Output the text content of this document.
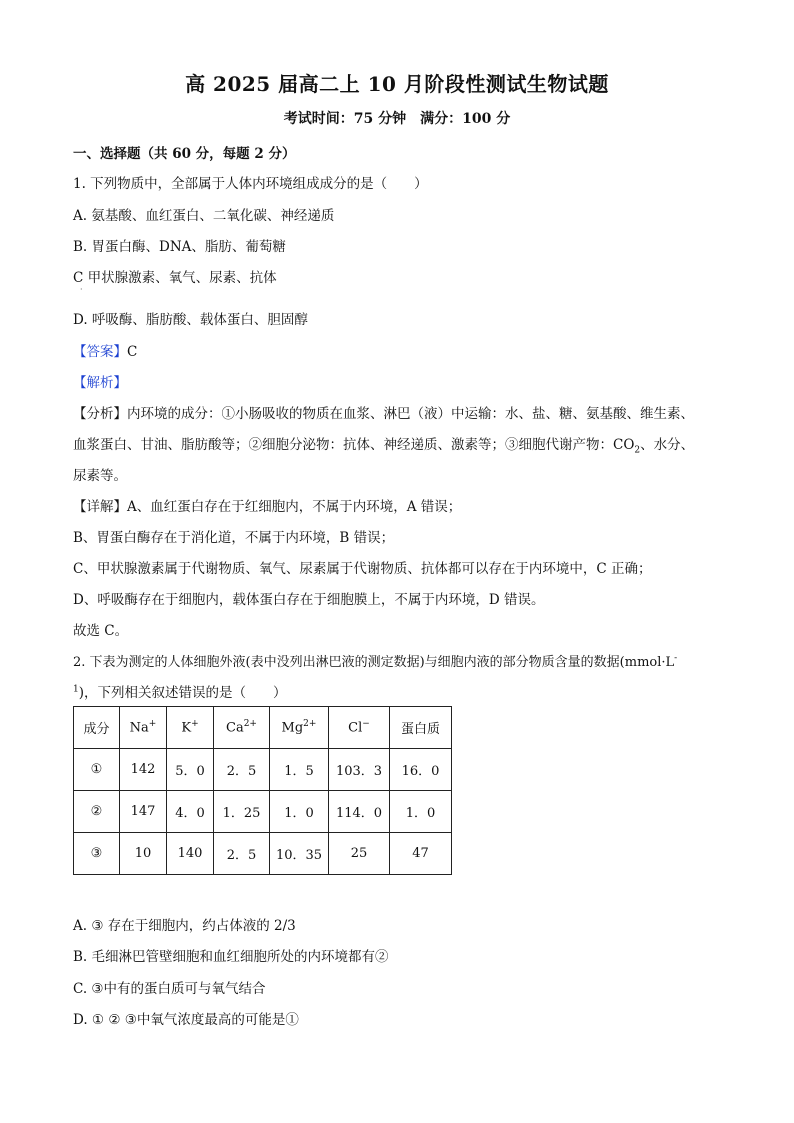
高 2025 届高二上 10 月阶段性测试生物试题
考试时间：75 分钟　满分：100 分
一、选择题（共 60 分，每题 2 分）
1. 下列物质中，全部属于人体内环境组成成分的是（　　）
A. 氨基酸、血红蛋白、二氧化碳、神经递质
B. 胃蛋白酶、DNA、脂肪、葡萄糖
C 甲状腺激素、氧气、尿素、抗体
·
D. 呼吸酶、脂肪酸、载体蛋白、胆固醇
【答案】C
【解析】
【分析】内环境的成分：①小肠吸收的物质在血浆、淋巴（液）中运输：水、盐、糖、氨基酸、维生素、
血浆蛋白、甘油、脂肪酸等；②细胞分泌物：抗体、神经递质、激素等；③细胞代谢产物：$CO_2$、水分、
尿素等。
【详解】A、血红蛋白存在于红细胞内，不属于内环境，A 错误；
B、胃蛋白酶存在于消化道，不属于内环境，B 错误；
C、甲状腺激素属于代谢物质、氧气、尿素属于代谢物质、抗体都可以存在于内环境中，C 正确；
D、呼吸酶存在于细胞内，载体蛋白存在于细胞膜上，不属于内环境，D 错误。
故选 C。
2. 下表为测定的人体细胞外液(表中没列出淋巴液的测定数据)与细胞内液的部分物质含量的数据(mmol·L-
$^1$)，下列相关叙述错误的是（　　）
成分	Na+	K+	$Ca^{2+}$	$Mg^{2+}$	Cl−	蛋白质
①	142	5．0	2．5	1．5	103．3	16．0
②	147	4．0	1．25	1．0	114．0	1．0
③	10	140	2．5	10．35	25	47
A. ③ 存在于细胞内，约占体液的 2/3
B. 毛细淋巴管壁细胞和血红细胞所处的内环境都有②
C. ③中有的蛋白质可与氧气结合
D. ① ② ③中氧气浓度最高的可能是①
